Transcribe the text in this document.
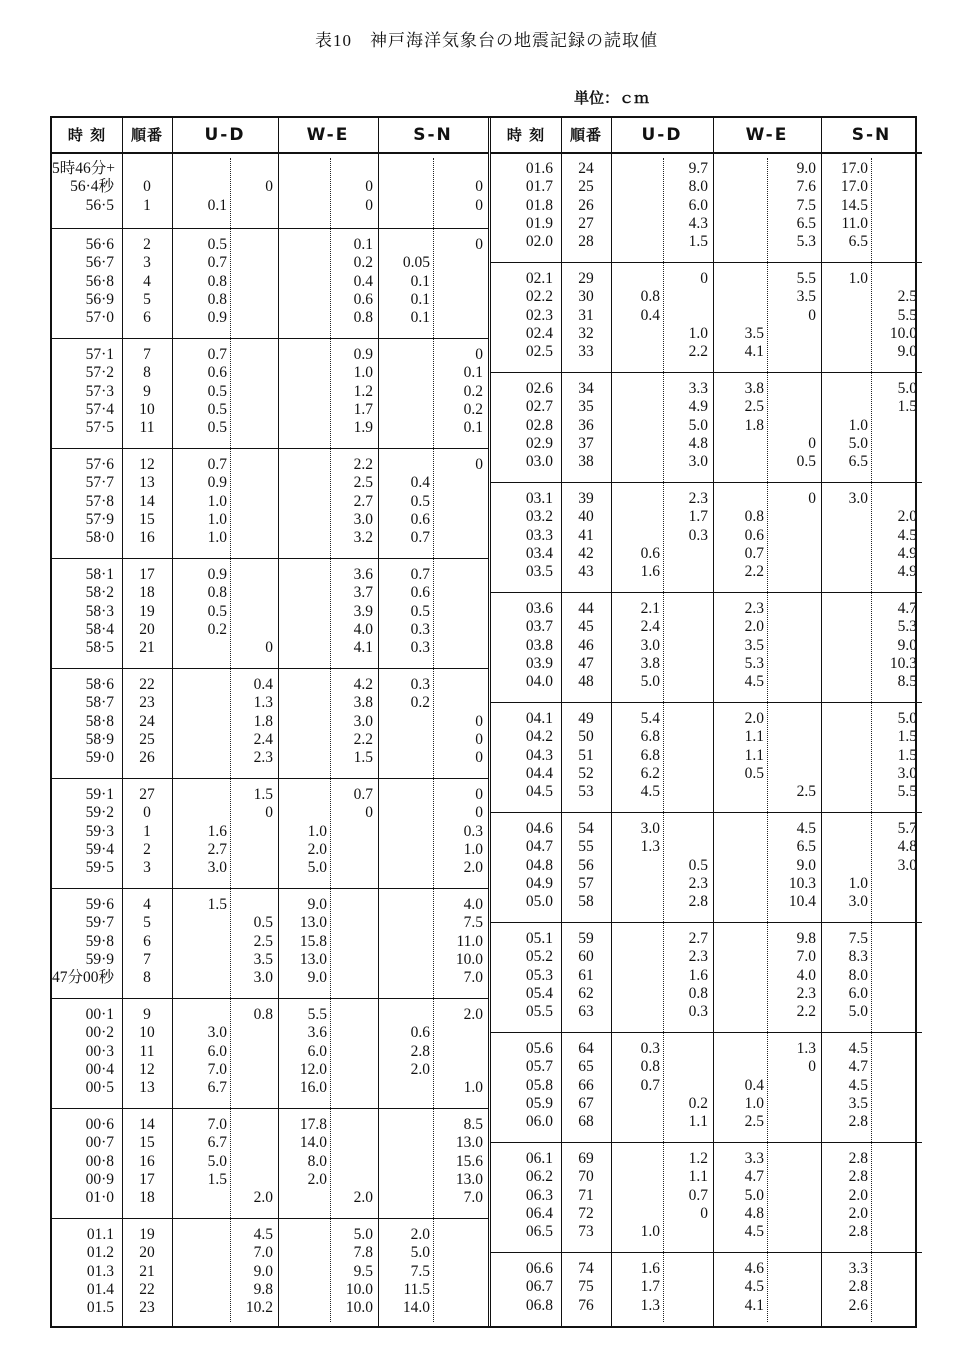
表10　神戸海洋気象台の地震記録の読取値
単位：ｃｍ
時 刻	順番	U-D	W-E	S-N
5時46分+
56·4秒	0	0	0	0
56·5	1	0.1	0	0
56·6	2	0.5	0.1	0
56·7	3	0.7	0.2	0.05
56·8	4	0.8	0.4	0.1
56·9	5	0.8	0.6	0.1
57·0	6	0.9	0.8	0.1
57·1	7	0.7	0.9	0
57·2	8	0.6	1.0	0.1
57·3	9	0.5	1.2	0.2
57·4	10	0.5	1.7	0.2
57·5	11	0.5	1.9	0.1
57·6	12	0.7	2.2	0
57·7	13	0.9	2.5	0.4
57·8	14	1.0	2.7	0.5
57·9	15	1.0	3.0	0.6
58·0	16	1.0	3.2	0.7
58·1	17	0.9	3.6	0.7
58·2	18	0.8	3.7	0.6
58·3	19	0.5	3.9	0.5
58·4	20	0.2	4.0	0.3
58·5	21	0	4.1	0.3
58·6	22	0.4	4.2	0.3
58·7	23	1.3	3.8	0.2
58·8	24	1.8	3.0	0
58·9	25	2.4	2.2	0
59·0	26	2.3	1.5	0
59·1	27	1.5	0.7	0
59·2	0	0	0	0
59·3	1	1.6	1.0	0.3
59·4	2	2.7	2.0	1.0
59·5	3	3.0	5.0	2.0
59·6	4	1.5	9.0	4.0
59·7	5	0.5	13.0	7.5
59·8	6	2.5	15.8	11.0
59·9	7	3.5	13.0	10.0
47分00秒	8	3.0	9.0	7.0
00·1	9	0.8	5.5	2.0
00·2	10	3.0	3.6	0.6
00·3	11	6.0	6.0	2.8
00·4	12	7.0	12.0	2.0
00·5	13	6.7	16.0	1.0
00·6	14	7.0	17.8	8.5
00·7	15	6.7	14.0	13.0
00·8	16	5.0	8.0	15.6
00·9	17	1.5	2.0	13.0
01·0	18	2.0	2.0	7.0
01.1	19	4.5	5.0	2.0
01.2	20	7.0	7.8	5.0
01.3	21	9.0	9.5	7.5
01.4	22	9.8	10.0	11.5
01.5	23	10.2	10.0	14.0
時 刻	順番	U-D	W-E	S-N
01.6	24	9.7	9.0	17.0
01.7	25	8.0	7.6	17.0
01.8	26	6.0	7.5	14.5
01.9	27	4.3	6.5	11.0
02.0	28	1.5	5.3	6.5
02.1	29	0	5.5	1.0
02.2	30	0.8	3.5	2.5
02.3	31	0.4	0	5.5
02.4	32	1.0	3.5	10.0
02.5	33	2.2	4.1	9.0
02.6	34	3.3	3.8	5.0
02.7	35	4.9	2.5	1.5
02.8	36	5.0	1.8	1.0
02.9	37	4.8	0	5.0
03.0	38	3.0	0.5	6.5
03.1	39	2.3	0	3.0
03.2	40	1.7	0.8	2.0
03.3	41	0.3	0.6	4.5
03.4	42	0.6	0.7	4.9
03.5	43	1.6	2.2	4.9
03.6	44	2.1	2.3	4.7
03.7	45	2.4	2.0	5.3
03.8	46	3.0	3.5	9.0
03.9	47	3.8	5.3	10.3
04.0	48	5.0	4.5	8.5
04.1	49	5.4	2.0	5.0
04.2	50	6.8	1.1	1.5
04.3	51	6.8	1.1	1.5
04.4	52	6.2	0.5	3.0
04.5	53	4.5	2.5	5.5
04.6	54	3.0	4.5	5.7
04.7	55	1.3	6.5	4.8
04.8	56	0.5	9.0	3.0
04.9	57	2.3	10.3	1.0
05.0	58	2.8	10.4	3.0
05.1	59	2.7	9.8	7.5
05.2	60	2.3	7.0	8.3
05.3	61	1.6	4.0	8.0
05.4	62	0.8	2.3	6.0
05.5	63	0.3	2.2	5.0
05.6	64	0.3	1.3	4.5
05.7	65	0.8	0	4.7
05.8	66	0.7	0.4	4.5
05.9	67	0.2	1.0	3.5
06.0	68	1.1	2.5	2.8
06.1	69	1.2	3.3	2.8
06.2	70	1.1	4.7	2.8
06.3	71	0.7	5.0	2.0
06.4	72	0	4.8	2.0
06.5	73	1.0	4.5	2.8
06.6	74	1.6	4.6	3.3
06.7	75	1.7	4.5	2.8
06.8	76	1.3	4.1	2.6
